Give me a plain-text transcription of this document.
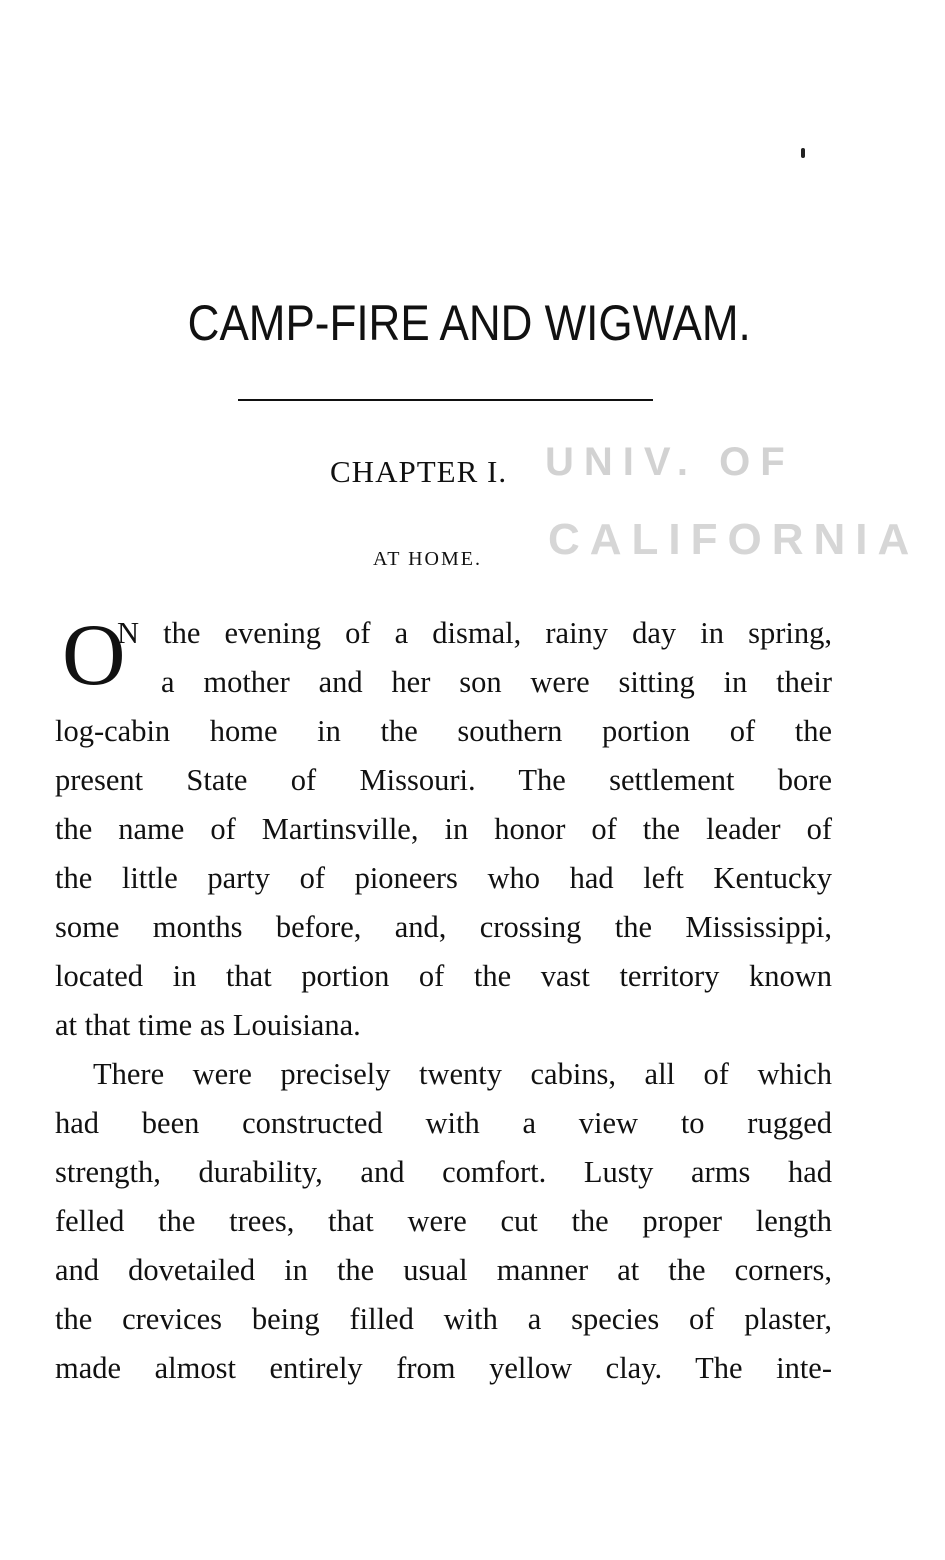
CAMP-FIRE AND WIGWAM.
UNIV. OF
CALIFORNIA
CHAPTER I.
AT HOME.
O
N the evening of a dismal, rainy day in spring,
a mother and her son were sitting in their
log-cabin home in the southern portion of the
present State of Missouri. The settlement bore
the name of Martinsville, in honor of the leader of
the little party of pioneers who had left Kentucky
some months before, and, crossing the Mississippi,
located in that portion of the vast territory known
at that time as Louisiana.
There were precisely twenty cabins, all of which
had been constructed with a view to rugged
strength, durability, and comfort. Lusty arms had
felled the trees, that were cut the proper length
and dovetailed in the usual manner at the corners,
the crevices being filled with a species of plaster,
made almost entirely from yellow clay. The inte-
